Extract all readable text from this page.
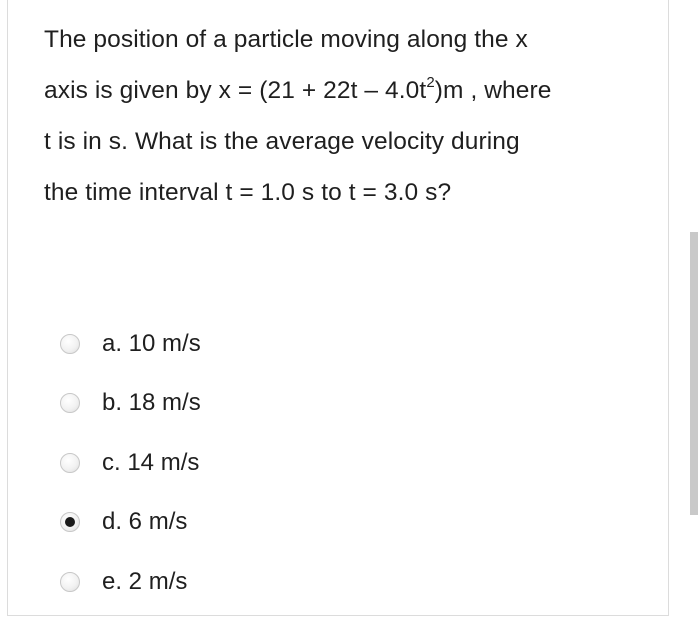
The position of a particle moving along the x
axis is given by $x = (21 + 22t - 4.0t^2)m$ , where
t is in s. What is the average velocity during
the time interval t = 1.0 s to t = 3.0 s?
a. 10 m/s
b. 18 m/s
c. 14 m/s
d. 6 m/s
e. 2 m/s
